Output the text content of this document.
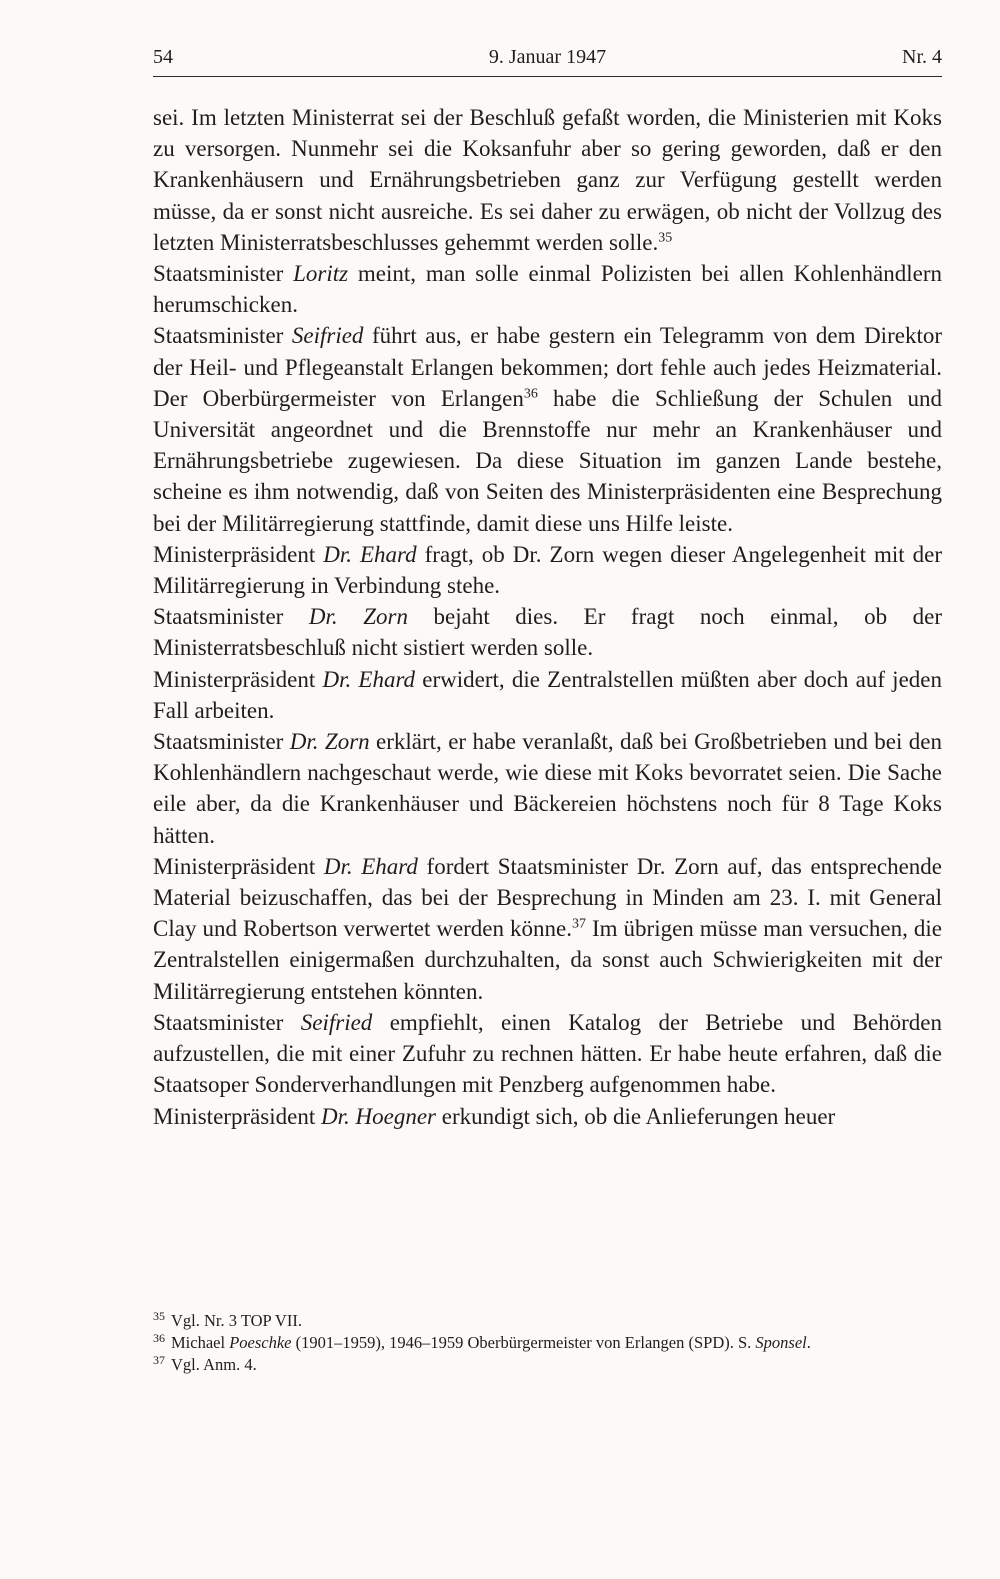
54	9. Januar 1947	Nr. 4

sei. Im letzten Ministerrat sei der Beschluß gefaßt worden, die Ministerien mit Koks zu versorgen. Nunmehr sei die Koksanfuhr aber so gering geworden, daß er den Krankenhäusern und Ernährungsbetrieben ganz zur Verfügung gestellt werden müsse, da er sonst nicht ausreiche. Es sei daher zu erwägen, ob nicht der Vollzug des letzten Ministerratsbeschlusses gehemmt werden solle.$^{35}$

Staatsminister Loritz meint, man solle einmal Polizisten bei allen Kohlenhändlern herumschicken.

Staatsminister Seifried führt aus, er habe gestern ein Telegramm von dem Direktor der Heil- und Pflegeanstalt Erlangen bekommen; dort fehle auch jedes Heizmaterial. Der Oberbürgermeister von Erlangen$^{36}$ habe die Schließung der Schulen und Universität angeordnet und die Brennstoffe nur mehr an Krankenhäuser und Ernährungsbetriebe zugewiesen. Da diese Situation im ganzen Lande bestehe, scheine es ihm notwendig, daß von Seiten des Ministerpräsidenten eine Besprechung bei der Militärregierung stattfinde, damit diese uns Hilfe leiste.

Ministerpräsident Dr. Ehard fragt, ob Dr. Zorn wegen dieser Angelegenheit mit der Militärregierung in Verbindung stehe.

Staatsminister Dr. Zorn bejaht dies. Er fragt noch einmal, ob der Ministerratsbeschluß nicht sistiert werden solle.

Ministerpräsident Dr. Ehard erwidert, die Zentralstellen müßten aber doch auf jeden Fall arbeiten.

Staatsminister Dr. Zorn erklärt, er habe veranlaßt, daß bei Großbetrieben und bei den Kohlenhändlern nachgeschaut werde, wie diese mit Koks bevorratet seien. Die Sache eile aber, da die Krankenhäuser und Bäckereien höchstens noch für 8 Tage Koks hätten.

Ministerpräsident Dr. Ehard fordert Staatsminister Dr. Zorn auf, das entsprechende Material beizuschaffen, das bei der Besprechung in Minden am 23. I. mit General Clay und Robertson verwertet werden könne.$^{37}$ Im übrigen müsse man versuchen, die Zentralstellen einigermaßen durchzuhalten, da sonst auch Schwierigkeiten mit der Militärregierung entstehen könnten.

Staatsminister Seifried empfiehlt, einen Katalog der Betriebe und Behörden aufzustellen, die mit einer Zufuhr zu rechnen hätten. Er habe heute erfahren, daß die Staatsoper Sonderverhandlungen mit Penzberg aufgenommen habe.

Ministerpräsident Dr. Hoegner erkundigt sich, ob die Anlieferungen heuer

35 Vgl. Nr. 3 TOP VII.
36 Michael Poeschke (1901–1959), 1946–1959 Oberbürgermeister von Erlangen (SPD). S. Sponsel.
37 Vgl. Anm. 4.
